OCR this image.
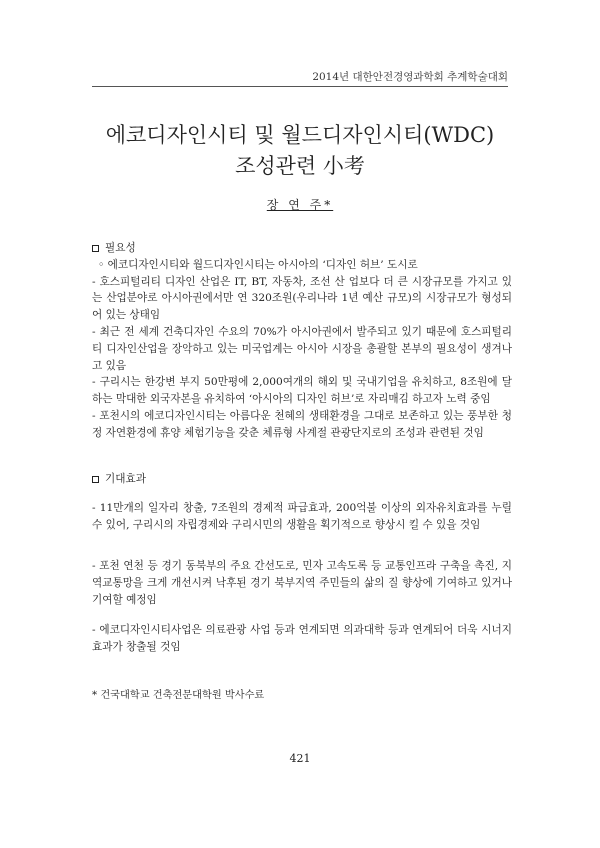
2014년 대한안전경영과학회 추계학술대회
에코디자인시티 및 월드디자인시티(WDC)
조성관련 小考
장 연 주*
필요성

◦ 에코디자인시티와 월드디자인시티는 아시아의 ‘디자인 허브’ 도시로

- 호스피털리티 디자인 산업은 IT, BT, 자동차, 조선 산 업보다 더 큰 시장규모를 가지고 있는 산업분야로 아시아권에서만 연 320조원(우리나라 1년 예산 규모)의 시장규모가 형성되어 있는 상태임

- 최근 전 세계 건축디자인 수요의 70%가 아시아권에서 발주되고 있기 때문에 호스피털리티 디자인산업을 장악하고 있는 미국업계는 아시아 시장을 총괄할 본부의 필요성이 생겨나고 있음

- 구리시는 한강변 부지 50만평에 2,000여개의 해외 및 국내기업을 유치하고, 8조원에 달하는 막대한 외국자본을 유치하여 ‘아시아의 디자인 허브’로 자리매김 하고자 노력 중임

- 포천시의 에코디자인시티는 아름다운 천혜의 생태환경을 그대로 보존하고 있는 풍부한 청정 자연환경에 휴양 체험기능을 갖춘 체류형 사계절 관광단지로의 조성과 관련된 것임

기대효과

- 11만개의 일자리 창출, 7조원의 경제적 파급효과, 200억불 이상의 외자유치효과를 누릴 수 있어, 구리시의 자립경제와 구리시민의 생활을 획기적으로 향상시 킬 수 있을 것임

- 포천 연천 등 경기 동북부의 주요 간선도로, 민자 고속도록 등 교통인프라 구축을 촉진, 지역교통망을 크게 개선시켜 낙후된 경기 북부지역 주민들의 삶의 질 향상에 기여하고 있거나 기여할 예정임

- 에코디자인시티사업은 의료관광 사업 등과 연계되면 의과대학 등과 연계되어 더욱 시너지 효과가 창출될 것임

* 건국대학교 건축전문대학원 박사수료
421
